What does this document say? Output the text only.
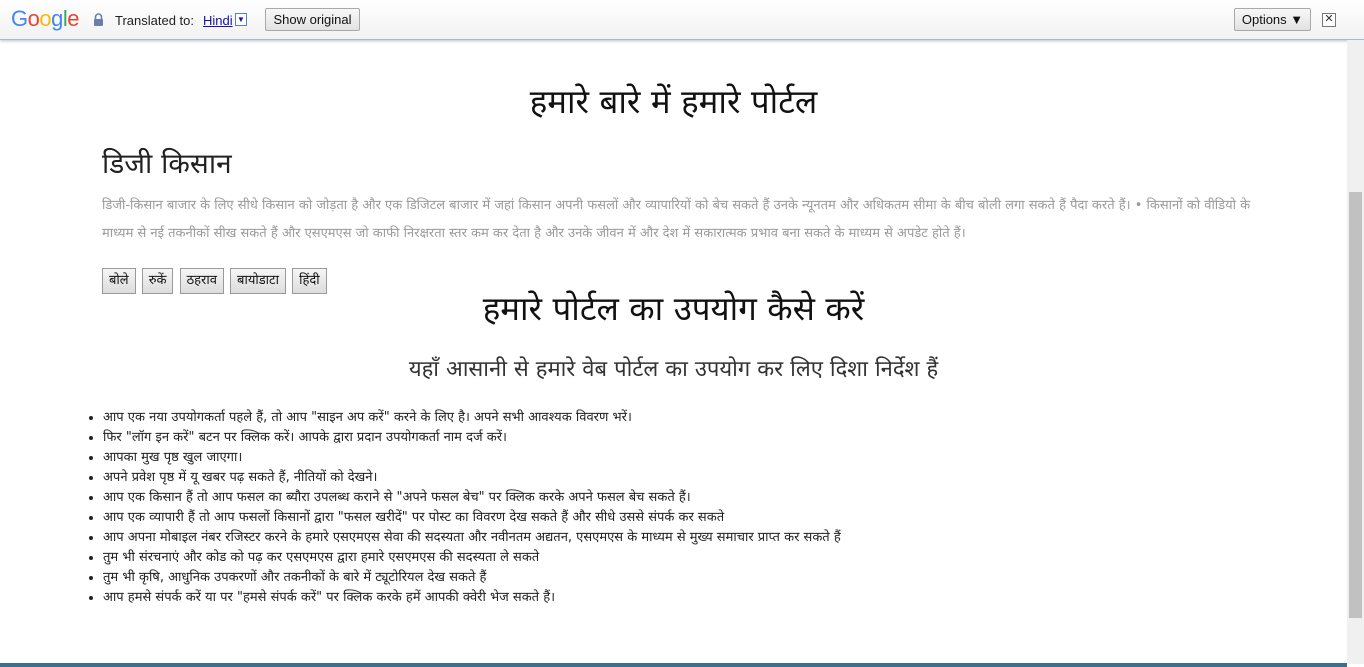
Google	Translated to: Hindi ▼	Show original	Options ▼	✕
हमारे बारे में हमारे पोर्टल
डिजी किसान

डिजी-किसान बाजार के लिए सीधे किसान को जोड़ता है और एक डिजिटल बाजार में जहां किसान अपनी फसलों और व्यापारियों को बेच सकते हैं उनके न्यूनतम और अधिकतम सीमा के बीच बोली लगा सकते हैं पैदा करते हैं। • किसानों को वीडियो के माध्यम से नई तकनीकों सीख सकते हैं और एसएमएस जो काफी निरक्षरता स्तर कम कर देता है और उनके जीवन में और देश में सकारात्मक प्रभाव बना सकते के माध्यम से अपडेट होते हैं।

बोले रुकें ठहराव बायोडाटा हिंदी
हमारे पोर्टल का उपयोग कैसे करें
यहाँ आसानी से हमारे वेब पोर्टल का उपयोग कर लिए दिशा निर्देश हैं
• आप एक नया उपयोगकर्ता पहले हैं, तो आप "साइन अप करें" करने के लिए है। अपने सभी आवश्यक विवरण भरें।
• फिर "लॉग इन करें" बटन पर क्लिक करें। आपके द्वारा प्रदान उपयोगकर्ता नाम दर्ज करें।
• आपका मुख पृष्ठ खुल जाएगा।
• अपने प्रवेश पृष्ठ में यू खबर पढ़ सकते हैं, नीतियों को देखने।
• आप एक किसान हैं तो आप फसल का ब्यौरा उपलब्ध कराने से "अपने फसल बेच" पर क्लिक करके अपने फसल बेच सकते हैं।
• आप एक व्यापारी हैं तो आप फसलों किसानों द्वारा "फसल खरीदें" पर पोस्ट का विवरण देख सकते हैं और सीधे उससे संपर्क कर सकते
• आप अपना मोबाइल नंबर रजिस्टर करने के हमारे एसएमएस सेवा की सदस्यता और नवीनतम अद्यतन, एसएमएस के माध्यम से मुख्य समाचार प्राप्त कर सकते हैं
• तुम भी संरचनाएं और कोड को पढ़ कर एसएमएस द्वारा हमारे एसएमएस की सदस्यता ले सकते
• तुम भी कृषि, आधुनिक उपकरणों और तकनीकों के बारे में ट्यूटोरियल देख सकते हैं
• आप हमसे संपर्क करें या पर "हमसे संपर्क करें" पर क्लिक करके हमें आपकी क्वेरी भेज सकते हैं।
